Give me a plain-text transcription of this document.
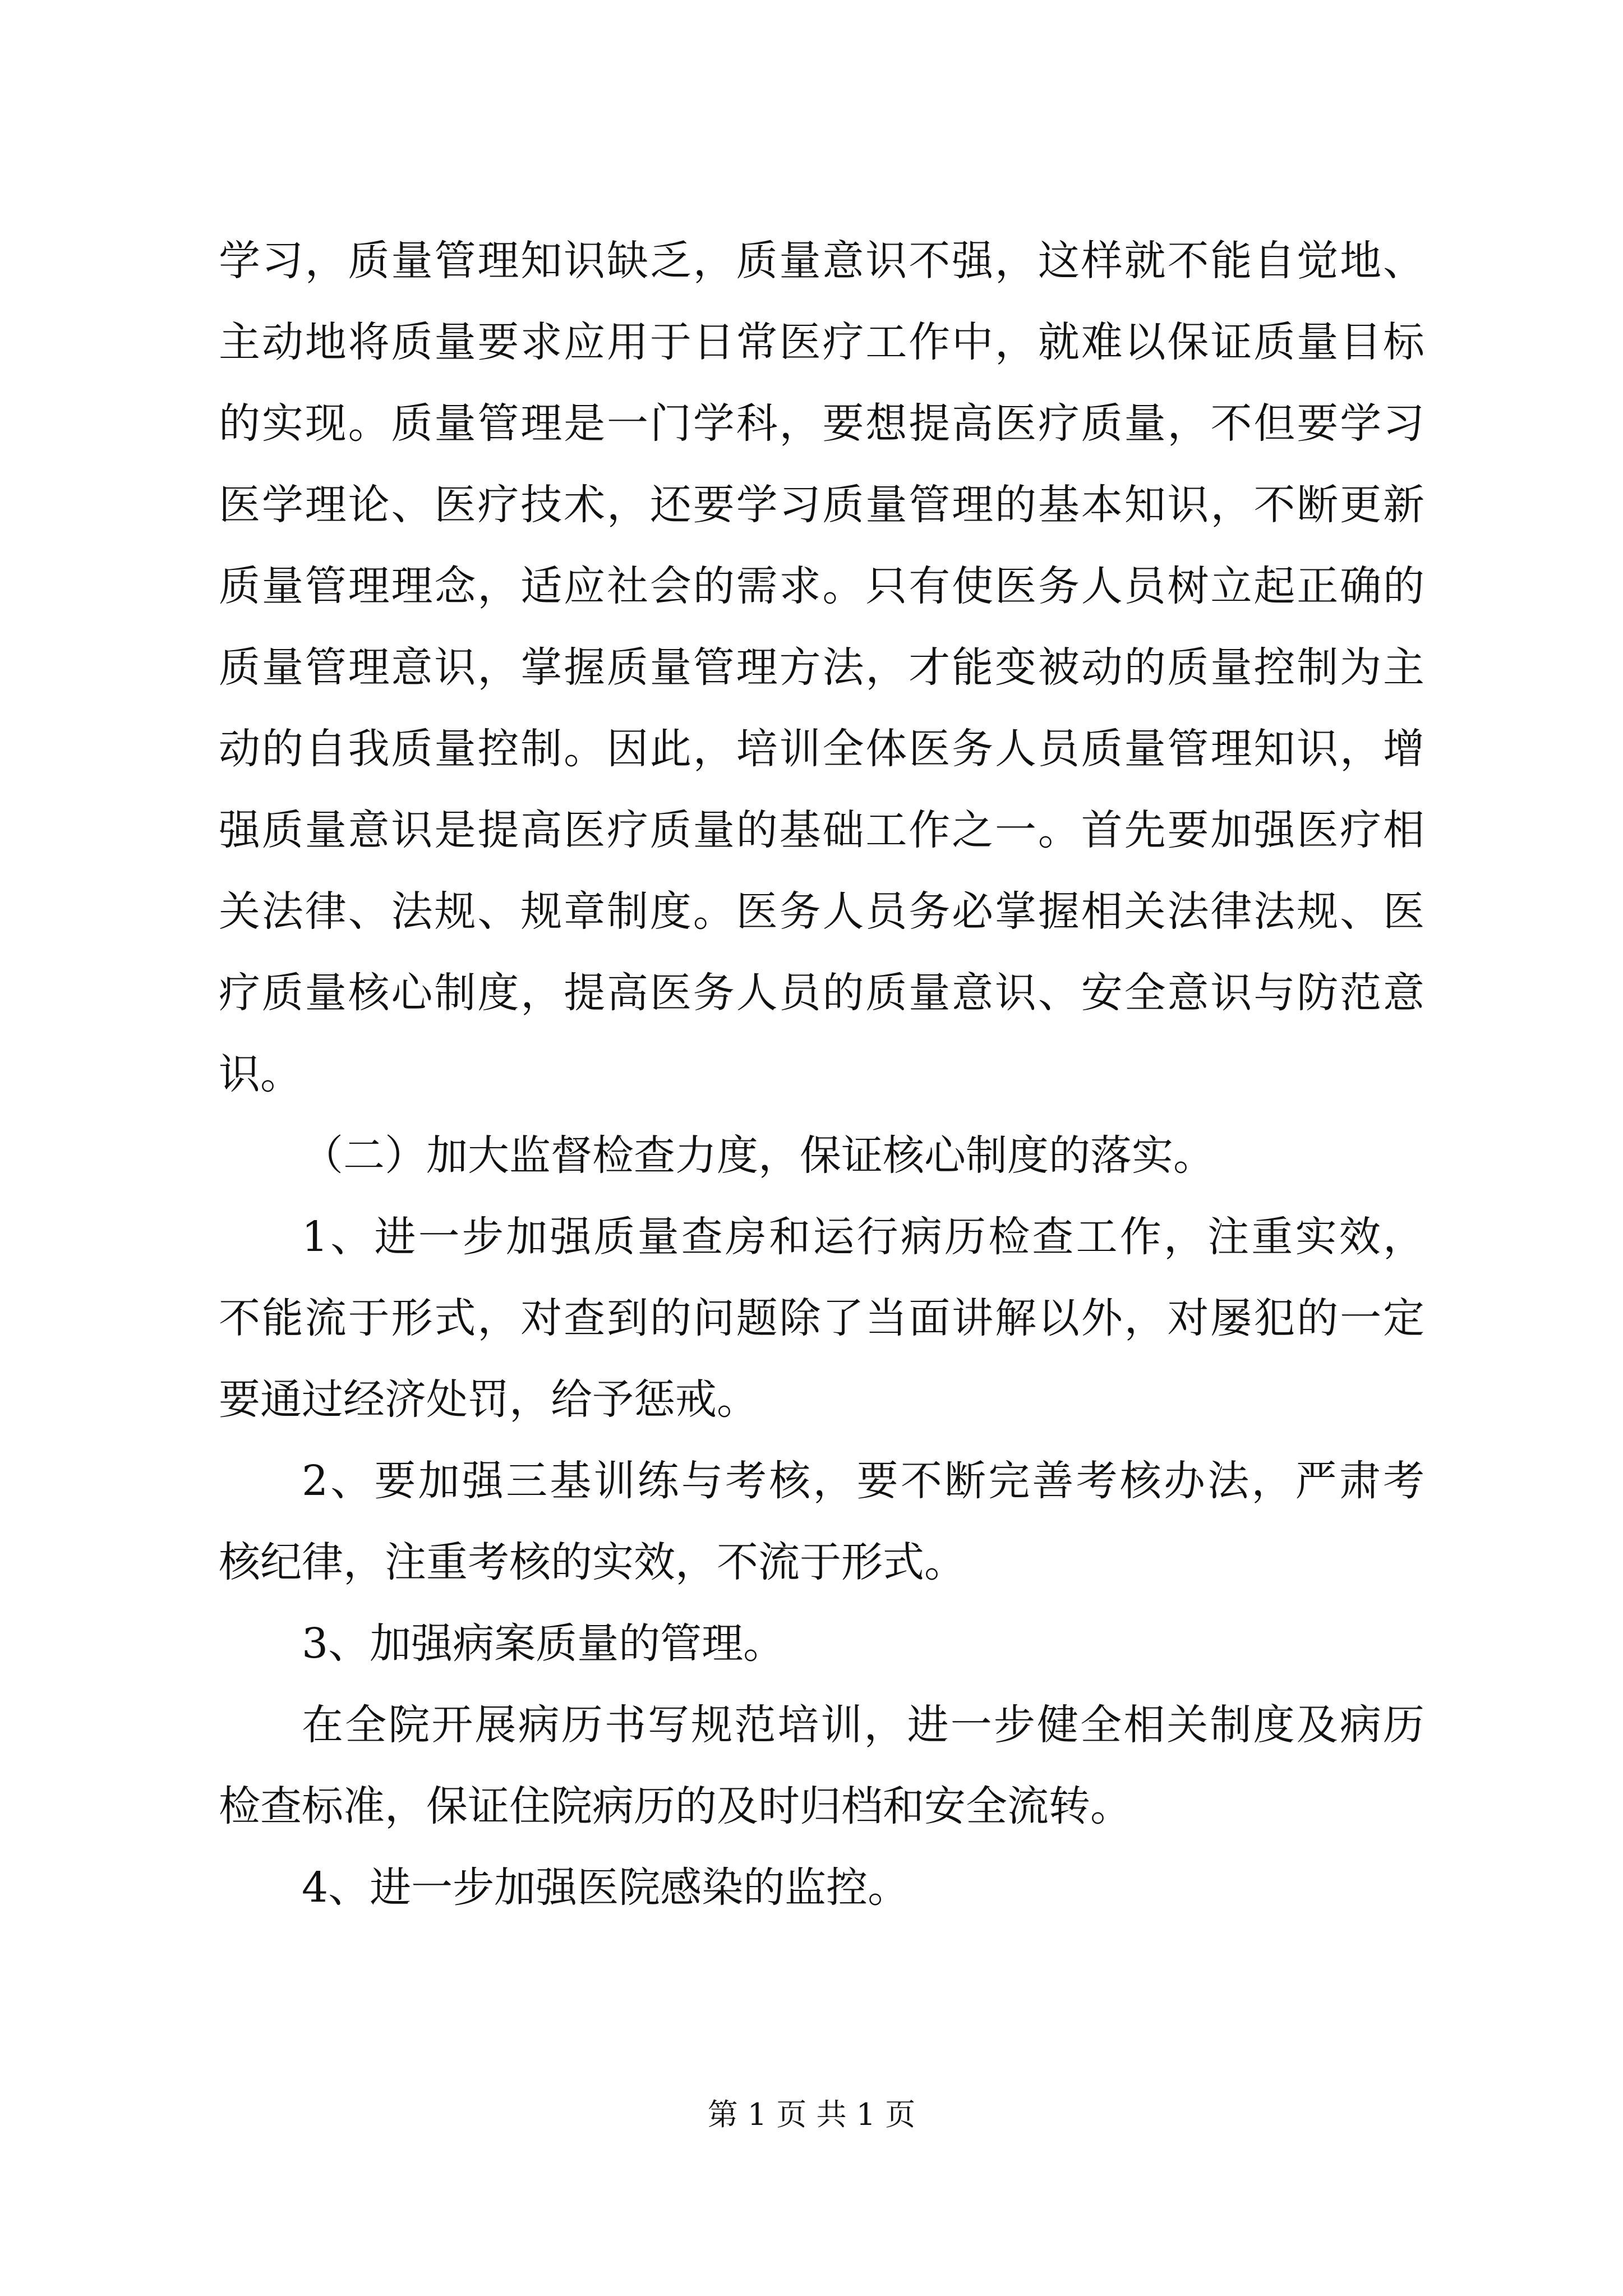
学习，质量管理知识缺乏，质量意识不强，这样就不能自觉地、
主动地将质量要求应用于日常医疗工作中，就难以保证质量目标
的实现。质量管理是一门学科，要想提高医疗质量，不但要学习
医学理论、医疗技术，还要学习质量管理的基本知识，不断更新
质量管理理念，适应社会的需求。只有使医务人员树立起正确的
质量管理意识，掌握质量管理方法，才能变被动的质量控制为主
动的自我质量控制。因此，培训全体医务人员质量管理知识，增
强质量意识是提高医疗质量的基础工作之一。首先要加强医疗相
关法律、法规、规章制度。医务人员务必掌握相关法律法规、医
疗质量核心制度，提高医务人员的质量意识、安全意识与防范意
识。
（二）加大监督检查力度，保证核心制度的落实。
1、进一步加强质量查房和运行病历检查工作，注重实效，
不能流于形式，对查到的问题除了当面讲解以外，对屡犯的一定
要通过经济处罚，给予惩戒。
2、要加强三基训练与考核，要不断完善考核办法，严肃考
核纪律，注重考核的实效，不流于形式。
3、加强病案质量的管理。
在全院开展病历书写规范培训，进一步健全相关制度及病历
检查标准，保证住院病历的及时归档和安全流转。
4、进一步加强医院感染的监控。
第 1 页 共 1 页
